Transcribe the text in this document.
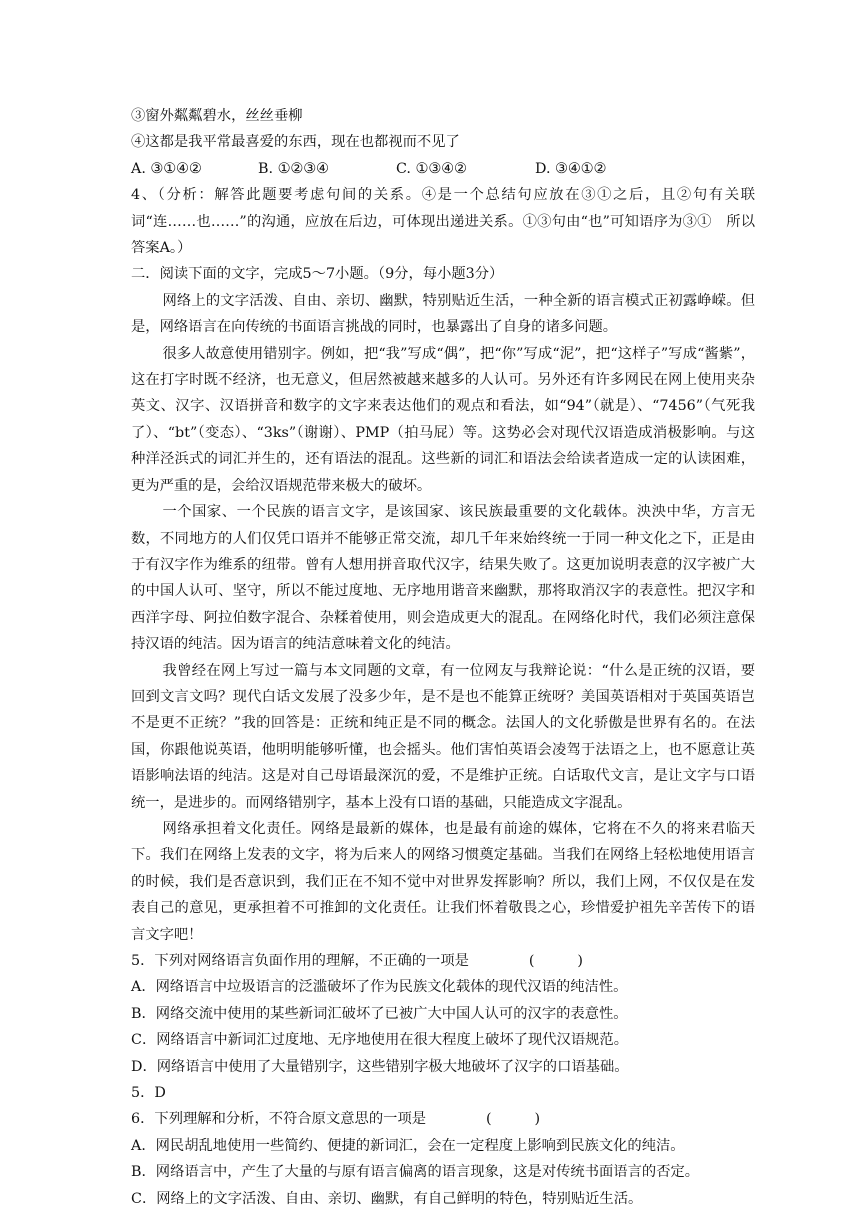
③窗外粼粼碧水，丝丝垂柳

④这都是我平常最喜爱的东西，现在也都视而不见了

A. ③①④②	B. ①②③④	C. ①③④②	D. ③④①②

4、（分析：解答此题要考虑句间的关系。④是一个总结句应放在③①之后，且②句有关联词“连……也……”的沟通，应放在后边，可体现出递进关系。①③句由“也”可知语序为③①　所以答案A。）

二．阅读下面的文字，完成5～7小题。（9分，每小题3分）

网络上的文字活泼、自由、亲切、幽默，特别贴近生活，一种全新的语言模式正初露峥嵘。但是，网络语言在向传统的书面语言挑战的同时，也暴露出了自身的诸多问题。

很多人故意使用错别字。例如，把“我”写成“偶”，把“你”写成“泥”，把“这样子”写成“酱紫”，这在打字时既不经济，也无意义，但居然被越来越多的人认可。另外还有许多网民在网上使用夹杂英文、汉字、汉语拼音和数字的文字来表达他们的观点和看法，如“94”（就是）、“7456”（气死我了）、“bt”（变态）、“3ks”（谢谢）、PMP（拍马屁）等。这势必会对现代汉语造成消极影响。与这种洋泾浜式的词汇并生的，还有语法的混乱。这些新的词汇和语法会给读者造成一定的认读困难，更为严重的是，会给汉语规范带来极大的破坏。

一个国家、一个民族的语言文字，是该国家、该民族最重要的文化载体。泱泱中华，方言无数，不同地方的人们仅凭口语并不能够正常交流，却几千年来始终统一于同一种文化之下，正是由于有汉字作为维系的纽带。曾有人想用拼音取代汉字，结果失败了。这更加说明表意的汉字被广大的中国人认可、坚守，所以不能过度地、无序地用谐音来幽默，那将取消汉字的表意性。把汉字和西洋字母、阿拉伯数字混合、杂糅着使用，则会造成更大的混乱。在网络化时代，我们必须注意保持汉语的纯洁。因为语言的纯洁意味着文化的纯洁。

我曾经在网上写过一篇与本文同题的文章，有一位网友与我辩论说：“什么是正统的汉语，要回到文言文吗？现代白话文发展了没多少年，是不是也不能算正统呀？美国英语相对于英国英语岂不是更不正统？”我的回答是：正统和纯正是不同的概念。法国人的文化骄傲是世界有名的。在法国，你跟他说英语，他明明能够听懂，也会摇头。他们害怕英语会凌驾于法语之上，也不愿意让英语影响法语的纯洁。这是对自己母语最深沉的爱，不是维护正统。白话取代文言，是让文字与口语统一，是进步的。而网络错别字，基本上没有口语的基础，只能造成文字混乱。

网络承担着文化责任。网络是最新的媒体，也是最有前途的媒体，它将在不久的将来君临天下。我们在网络上发表的文字，将为后来人的网络习惯奠定基础。当我们在网络上轻松地使用语言的时候，我们是否意识到，我们正在不知不觉中对世界发挥影响？所以，我们上网，不仅仅是在发表自己的意见，更承担着不可推卸的文化责任。让我们怀着敬畏之心，珍惜爱护祖先辛苦传下的语言文字吧！

5．下列对网络语言负面作用的理解，不正确的一项是	(　　　)

A．网络语言中垃圾语言的泛滥破坏了作为民族文化载体的现代汉语的纯洁性。

B．网络交流中使用的某些新词汇破坏了已被广大中国人认可的汉字的表意性。

C．网络语言中新词汇过度地、无序地使用在很大程度上破坏了现代汉语规范。

D．网络语言中使用了大量错别字，这些错别字极大地破坏了汉字的口语基础。

5．D

6．下列理解和分析，不符合原文意思的一项是	(　　　)

A．网民胡乱地使用一些简约、便捷的新词汇，会在一定程度上影响到民族文化的纯洁。

B．网络语言中，产生了大量的与原有语言偏离的语言现象，这是对传统书面语言的否定。

C．网络上的文字活泼、自由、亲切、幽默，有自己鲜明的特色，特别贴近生活。
